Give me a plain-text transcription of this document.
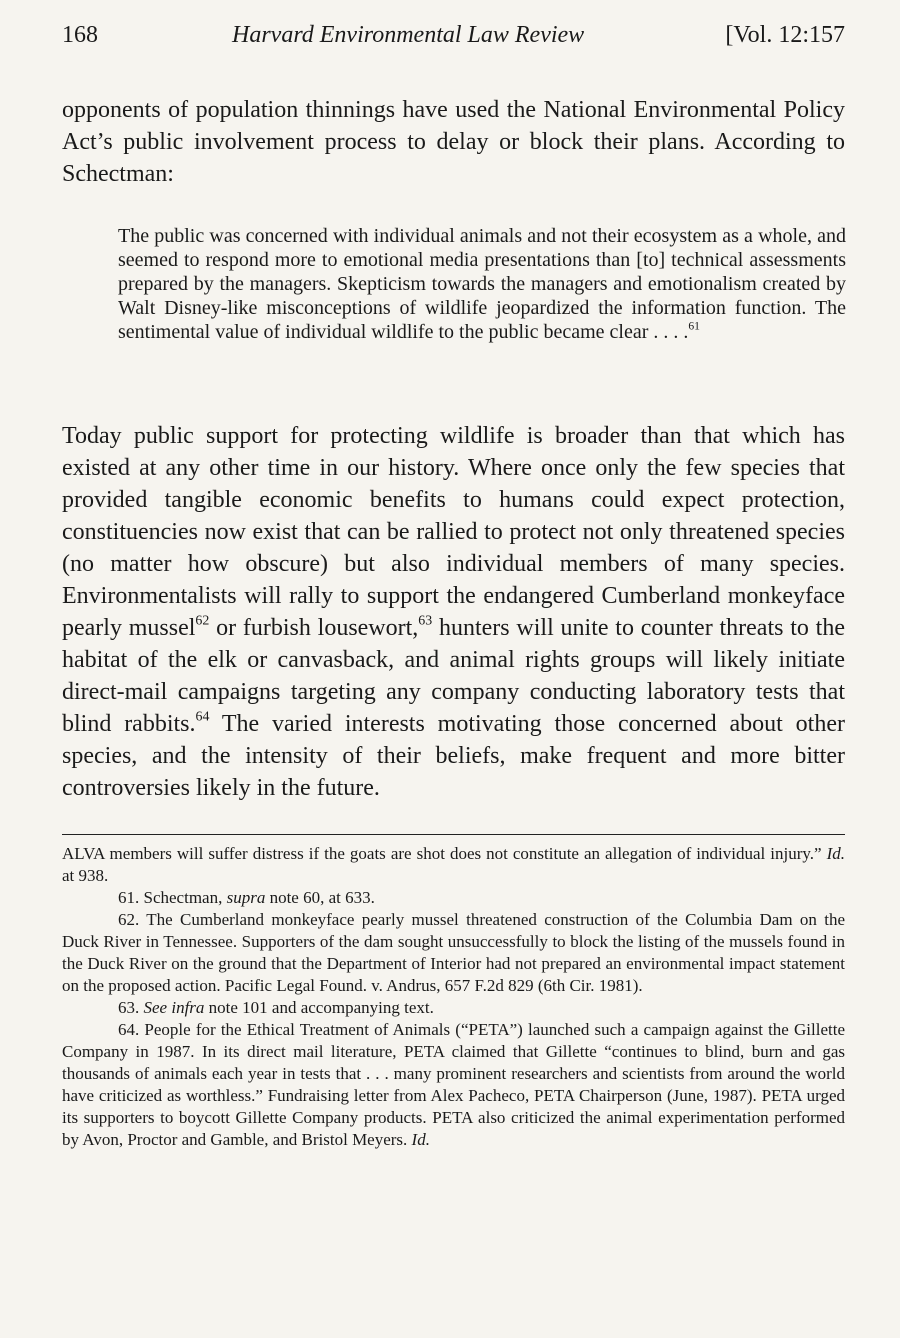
168	Harvard Environmental Law Review	[Vol. 12:157

opponents of population thinnings have used the National Environmental Policy Act’s public involvement process to delay or block their plans. According to Schectman:

The public was concerned with individual animals and not their ecosystem as a whole, and seemed to respond more to emotional media presentations than [to] technical assessments prepared by the managers. Skepticism towards the managers and emotionalism created by Walt Disney-like misconceptions of wildlife jeopardized the information function. The sentimental value of individual wildlife to the public became clear . . . .$^{61}$

Today public support for protecting wildlife is broader than that which has existed at any other time in our history. Where once only the few species that provided tangible economic benefits to humans could expect protection, constituencies now exist that can be rallied to protect not only threatened species (no matter how obscure) but also individual members of many species. Environmentalists will rally to support the endangered Cumberland monkeyface pearly mussel$^{62}$ or furbish lousewort,$^{63}$ hunters will unite to counter threats to the habitat of the elk or canvasback, and animal rights groups will likely initiate direct-mail campaigns targeting any company conducting laboratory tests that blind rabbits.$^{64}$ The varied interests motivating those concerned about other species, and the intensity of their beliefs, make frequent and more bitter controversies likely in the future.

ALVA members will suffer distress if the goats are shot does not constitute an allegation of individual injury.” Id. at 938.

61. Schectman, supra note 60, at 633.

62. The Cumberland monkeyface pearly mussel threatened construction of the Columbia Dam on the Duck River in Tennessee. Supporters of the dam sought unsuccessfully to block the listing of the mussels found in the Duck River on the ground that the Department of Interior had not prepared an environmental impact statement on the proposed action. Pacific Legal Found. v. Andrus, 657 F.2d 829 (6th Cir. 1981).

63. See infra note 101 and accompanying text.

64. People for the Ethical Treatment of Animals (“PETA”) launched such a campaign against the Gillette Company in 1987. In its direct mail literature, PETA claimed that Gillette “continues to blind, burn and gas thousands of animals each year in tests that . . . many prominent researchers and scientists from around the world have criticized as worthless.” Fundraising letter from Alex Pacheco, PETA Chairperson (June, 1987). PETA urged its supporters to boycott Gillette Company products. PETA also criticized the animal experimentation performed by Avon, Proctor and Gamble, and Bristol Meyers. Id.
